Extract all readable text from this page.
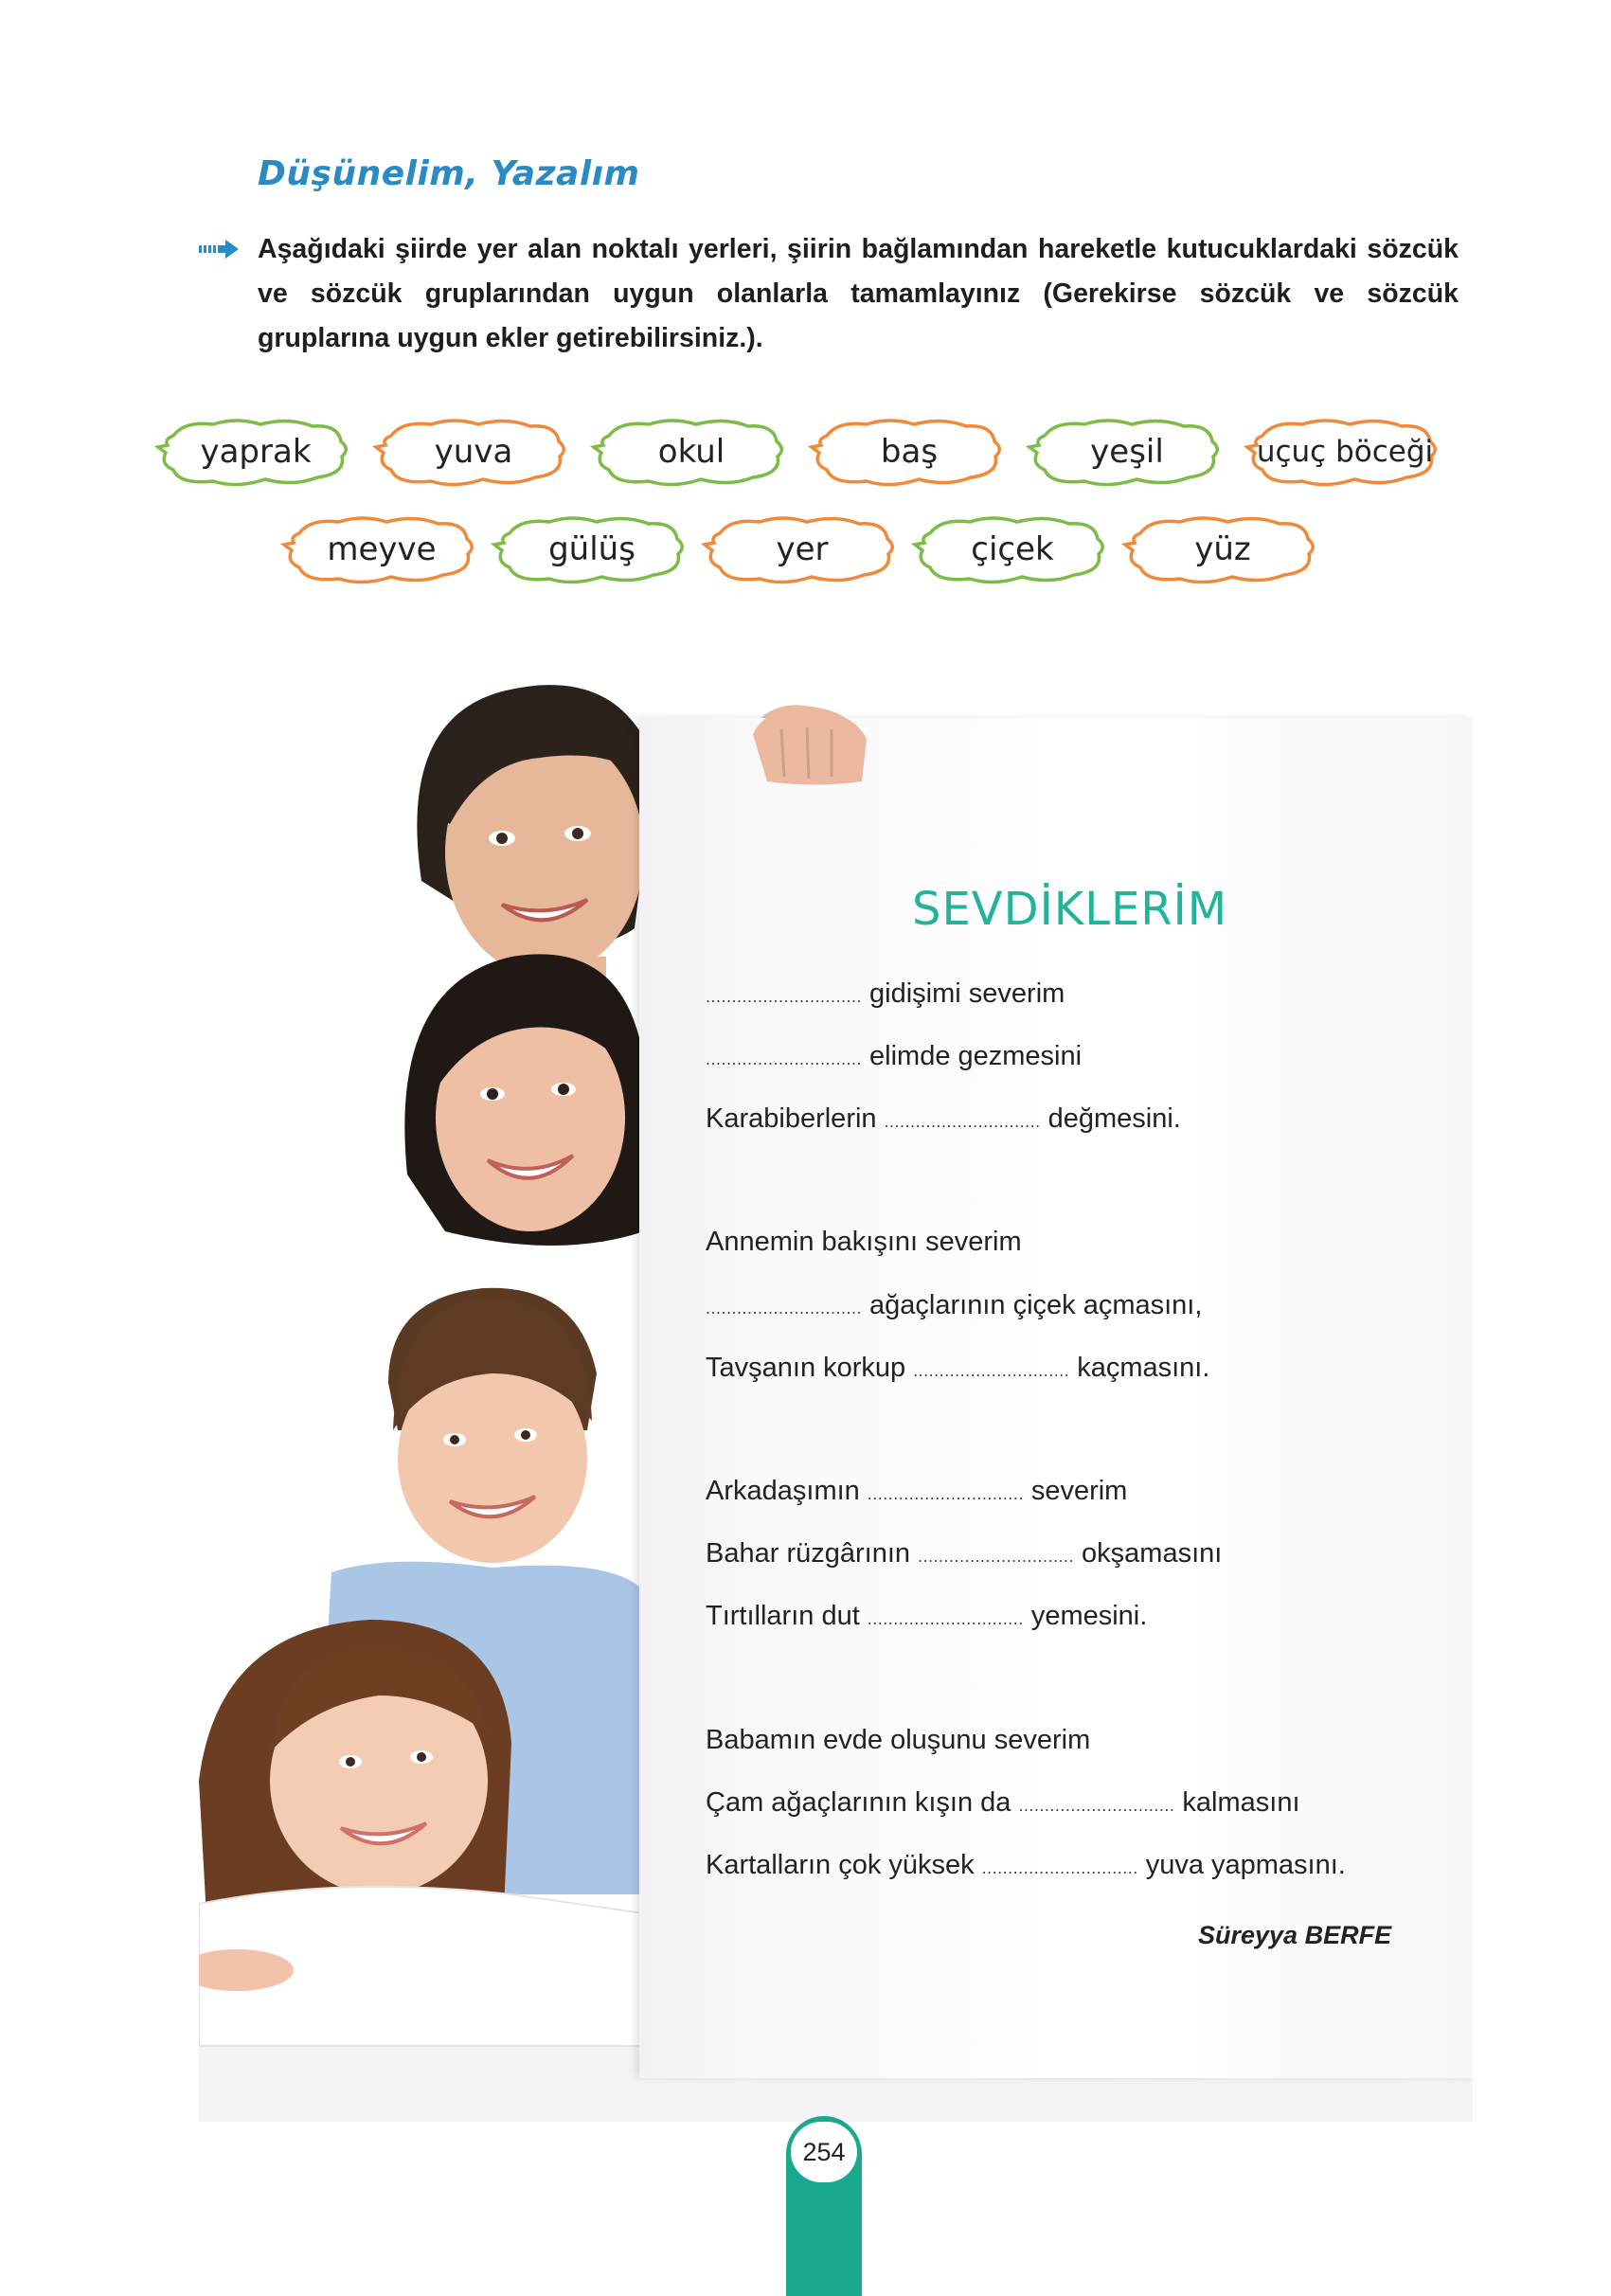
Düşünelim, Yazalım
Aşağıdaki şiirde yer alan noktalı yerleri, şiirin bağlamından hareketle kutucuklardaki sözcük ve sözcük gruplarından uygun olanlarla tamamlayınız (Gerekirse sözcük ve sözcük gruplarına uygun ekler getirebilirsiniz.).
yaprak	yuva	okul	baş	yeşil	uçuç böceği
meyve	gülüş	yer	çiçek	yüz
SEVDİKLERİM
.............................. gidişimi severim
.............................. elimde gezmesini
Karabiberlerin .............................. değmesini.
Annemin bakışını severim
.............................. ağaçlarının çiçek açmasını,
Tavşanın korkup .............................. kaçmasını.
Arkadaşımın .............................. severim
Bahar rüzgârının .............................. okşamasını
Tırtılların dut .............................. yemesini.
Babamın evde oluşunu severim
Çam ağaçlarının kışın da .............................. kalmasını
Kartalların çok yüksek .............................. yuva yapmasını.
Süreyya BERFE
254
